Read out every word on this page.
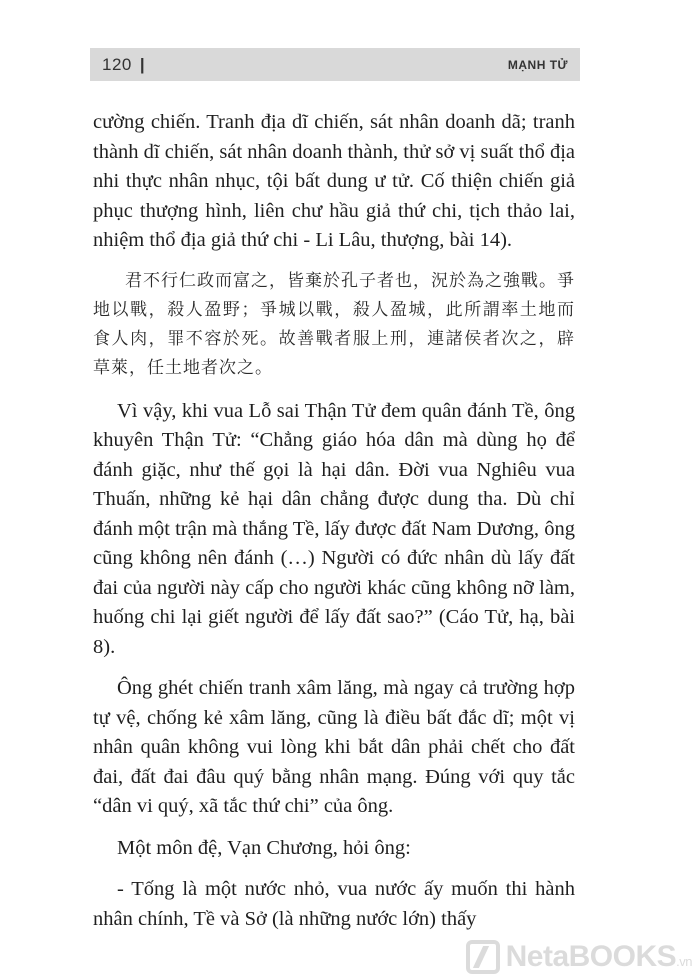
120 |	MẠNH TỬ

cường chiến. Tranh địa dĩ chiến, sát nhân doanh dã; tranh thành dĩ chiến, sát nhân doanh thành, thử sở vị suất thổ địa nhi thực nhân nhục, tội bất dung ư tử. Cố thiện chiến giả phục thượng hình, liên chư hầu giả thứ chi, tịch thảo lai, nhiệm thổ địa giả thứ chi - Li Lâu, thượng, bài 14).

君不行仁政而富之，皆棄於孔子者也，況於為之強戰。爭地以戰，殺人盈野；爭城以戰，殺人盈城，此所謂率土地而食人肉，罪不容於死。故善戰者服上刑，連諸侯者次之，辟草萊，任土地者次之。

Vì vậy, khi vua Lỗ sai Thận Tử đem quân đánh Tề, ông khuyên Thận Tử: “Chẳng giáo hóa dân mà dùng họ để đánh giặc, như thế gọi là hại dân. Đời vua Nghiêu vua Thuấn, những kẻ hại dân chẳng được dung tha. Dù chỉ đánh một trận mà thắng Tề, lấy được đất Nam Dương, ông cũng không nên đánh (…) Người có đức nhân dù lấy đất đai của người này cấp cho người khác cũng không nỡ làm, huống chi lại giết người để lấy đất sao?” (Cáo Tử, hạ, bài 8).

Ông ghét chiến tranh xâm lăng, mà ngay cả trường hợp tự vệ, chống kẻ xâm lăng, cũng là điều bất đắc dĩ; một vị nhân quân không vui lòng khi bắt dân phải chết cho đất đai, đất đai đâu quý bằng nhân mạng. Đúng với quy tắc “dân vi quý, xã tắc thứ chi” của ông.

Một môn đệ, Vạn Chương, hỏi ông:

- Tống là một nước nhỏ, vua nước ấy muốn thi hành nhân chính, Tề và Sở (là những nước lớn) thấy

NetaBOOKS.vn
